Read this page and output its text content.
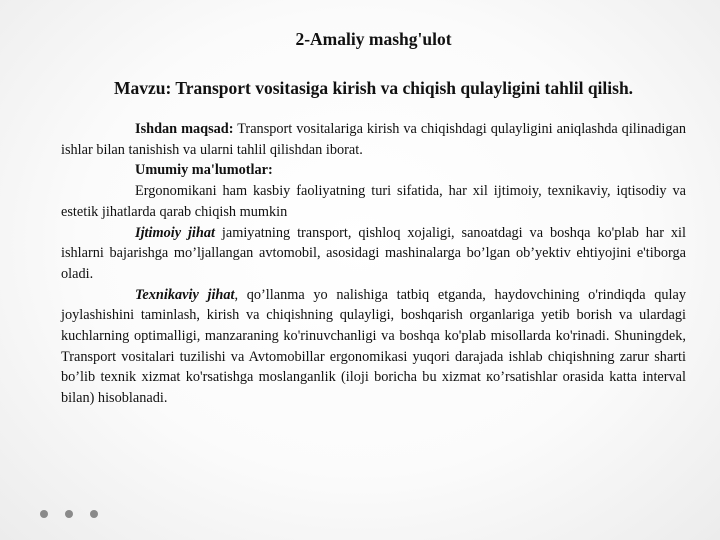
2-Amaliy mashg'ulot
Mavzu: Transport vositasiga kirish va chiqish qulayligini tahlil qilish.

Ishdan maqsad: Transport vositalariga kirish va chiqishdagi qulayligini aniqlashda qilinadigan ishlar bilan tanishish va ularni tahlil qilishdan iborat.

Umumiy ma'lumotlar:

Ergonomikani ham kasbiy faoliyatning turi sifatida, har xil ijtimoiy, texnikaviy, iqtisodiy va estetik jihatlarda qarab chiqish mumkin

Ijtimoiy jihat jamiyatning transport, qishloq xojaligi, sanoatdagi va boshqa ko'plab har xil ishlarni bajarishga mo’ljallangan avtomobil, asosidagi mashinalarga bo’lgan ob’yektiv ehtiyojini e'tiborga oladi.

Texnikaviy jihat, qo’llanma yo nalishiga tatbiq etganda, haydovchining o'rindiqda qulay joylashishini taminlash, kirish va chiqishning qulayligi, boshqarish organlariga yetib borish va ulardagi kuchlarning optimalligi, manzaraning ko'rinuvchanligi va boshqa ko'plab misollarda ko'rinadi. Shuningdek, Transport vositalari tuzilishi va Avtomobillar ergonomikasi yuqori darajada ishlab chiqishning zarur sharti bo’lib texnik xizmat ko'rsatishga moslanganlik (iloji boricha bu xizmat кo’rsatishlar orasida katta interval bilan) hisoblanadi.
